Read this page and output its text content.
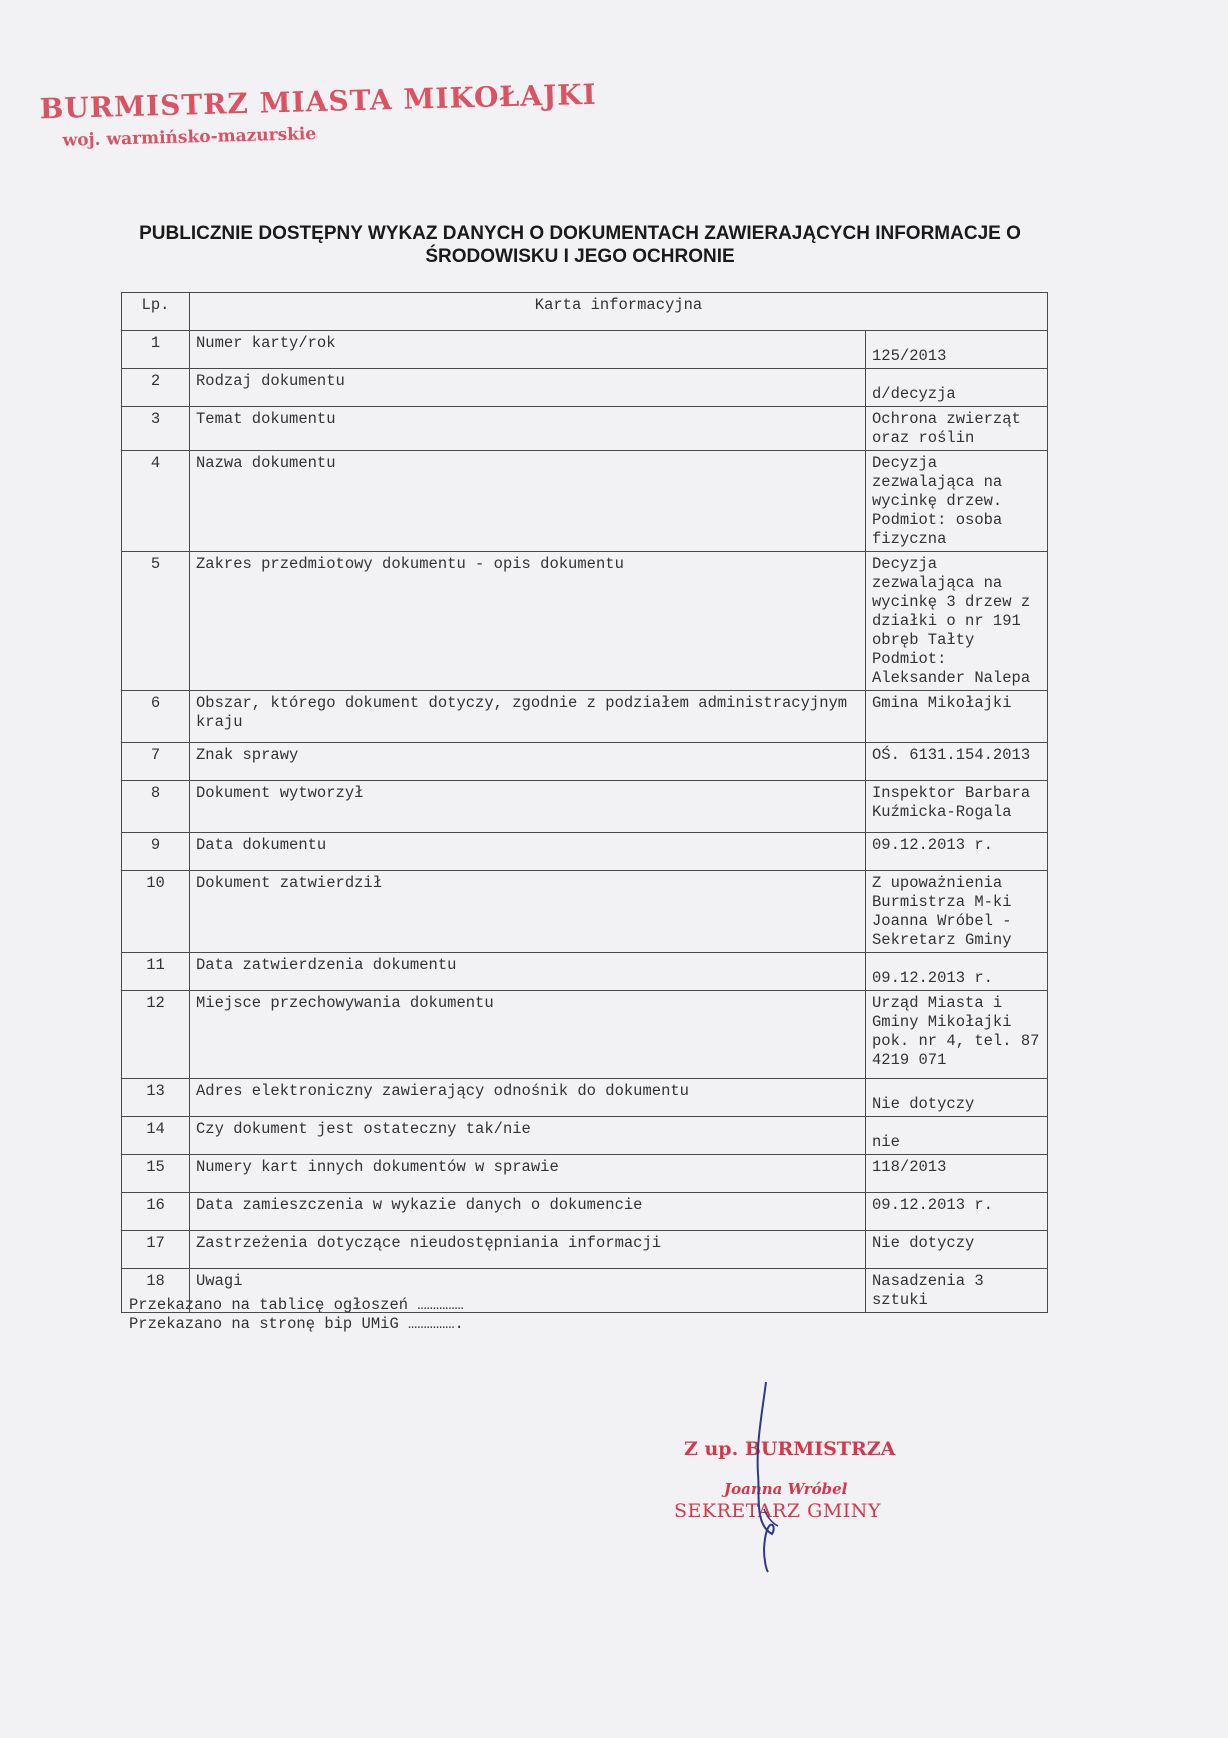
BURMISTRZ MIASTA MIKOŁAJKI
woj. warmińsko-mazurskie
PUBLICZNIE DOSTĘPNY WYKAZ DANYCH O DOKUMENTACH ZAWIERAJĄCYCH INFORMACJE O
ŚRODOWISKU I JEGO OCHRONIE
Lp.	Karta informacyjna	
1	Numer karty/rok	125/2013
2	Rodzaj dokumentu	d/decyzja
3	Temat dokumentu	Ochrona zwierząt oraz roślin
4	Nazwa dokumentu	Decyzja zezwalająca na wycinkę drzew. Podmiot: osoba fizyczna
5	Zakres przedmiotowy dokumentu - opis dokumentu	Decyzja zezwalająca na wycinkę 3 drzew z działki o nr 191 obręb Tałty Podmiot: Aleksander Nalepa
6	Obszar, którego dokument dotyczy, zgodnie z podziałem administracyjnym kraju	Gmina Mikołajki
7	Znak sprawy	OŚ. 6131.154.2013
8	Dokument wytworzył	Inspektor Barbara Kuźmicka-Rogala
9	Data dokumentu	09.12.2013 r.
10	Dokument zatwierdził	Z upoważnienia Burmistrza M-ki Joanna Wróbel - Sekretarz Gminy
11	Data zatwierdzenia dokumentu	09.12.2013 r.
12	Miejsce przechowywania dokumentu	Urząd Miasta i Gminy Mikołajki pok. nr 4, tel. 87 4219 071
13	Adres elektroniczny zawierający odnośnik do dokumentu	Nie dotyczy
14	Czy dokument jest ostateczny tak/nie	nie
15	Numery kart innych dokumentów w sprawie	118/2013
16	Data zamieszczenia w wykazie danych o dokumencie	09.12.2013 r.
17	Zastrzeżenia dotyczące nieudostępniania informacji	Nie dotyczy
18	Uwagi	Nasadzenia 3 sztuki
Przekazano na tablicę ogłoszeń ……………
Przekazano na stronę bip UMiG …………….
Z up. BURMISTRZA
Joanna Wróbel
SEKRETARZ GMINY
